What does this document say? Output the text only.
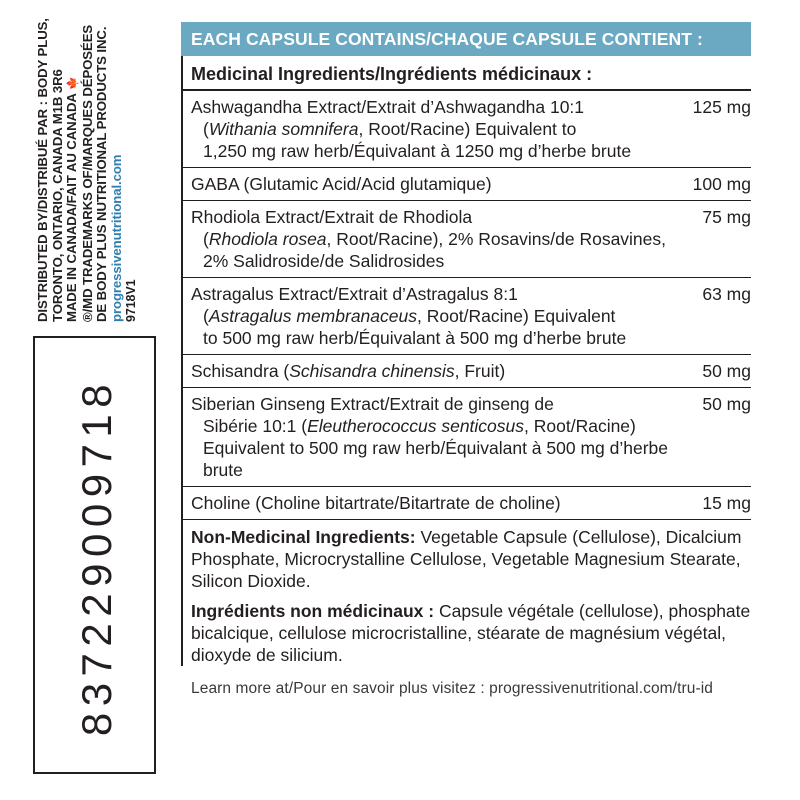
DISTRIBUTED BY/DISTRIBUÉ PAR : BODY PLUS, TORONTO, ONTARIO, CANADA M1B 3R6 MADE IN CANADA/FAIT AU CANADA🍁 ®/MD TRADEMARKS OF/MARQUES DÉPOSÉES DE BODY PLUS NUTRITIONAL PRODUCTS INC. progressivenutritional.com 9718V1
837229009718
EACH CAPSULE CONTAINS/CHAQUE CAPSULE CONTIENT :
Medicinal Ingredients/Ingrédients médicinaux :
Ashwagandha Extract/Extrait d’Ashwagandha 10:1
(Withania somnifera, Root/Racine) Equivalent to
1,250 mg raw herb/Équivalant à 1250 mg d’herbe brute
125 mg
GABA (Glutamic Acid/Acid glutamique)	100 mg
Rhodiola Extract/Extrait de Rhodiola
(Rhodiola rosea, Root/Racine), 2% Rosavins/de Rosavines,
2% Salidroside/de Salidrosides
75 mg
Astragalus Extract/Extrait d’Astragalus 8:1
(Astragalus membranaceus, Root/Racine) Equivalent
to 500 mg raw herb/Équivalant à 500 mg d’herbe brute
63 mg
Schisandra (Schisandra chinensis, Fruit)	50 mg
Siberian Ginseng Extract/Extrait de ginseng de
Sibérie 10:1 (Eleutherococcus senticosus, Root/Racine)
Equivalent to 500 mg raw herb/Équivalant à 500 mg d’herbe brute
50 mg
Choline (Choline bitartrate/Bitartrate de choline)	15 mg

Non-Medicinal Ingredients: Vegetable Capsule (Cellulose), Dicalcium Phosphate, Microcrystalline Cellulose, Vegetable Magnesium Stearate, Silicon Dioxide.

Ingrédients non médicinaux : Capsule végétale (cellulose), phosphate bicalcique, cellulose microcristalline, stéarate de magnésium végétal, dioxyde de silicium.

Learn more at/Pour en savoir plus visitez : progressivenutritional.com/tru-id
